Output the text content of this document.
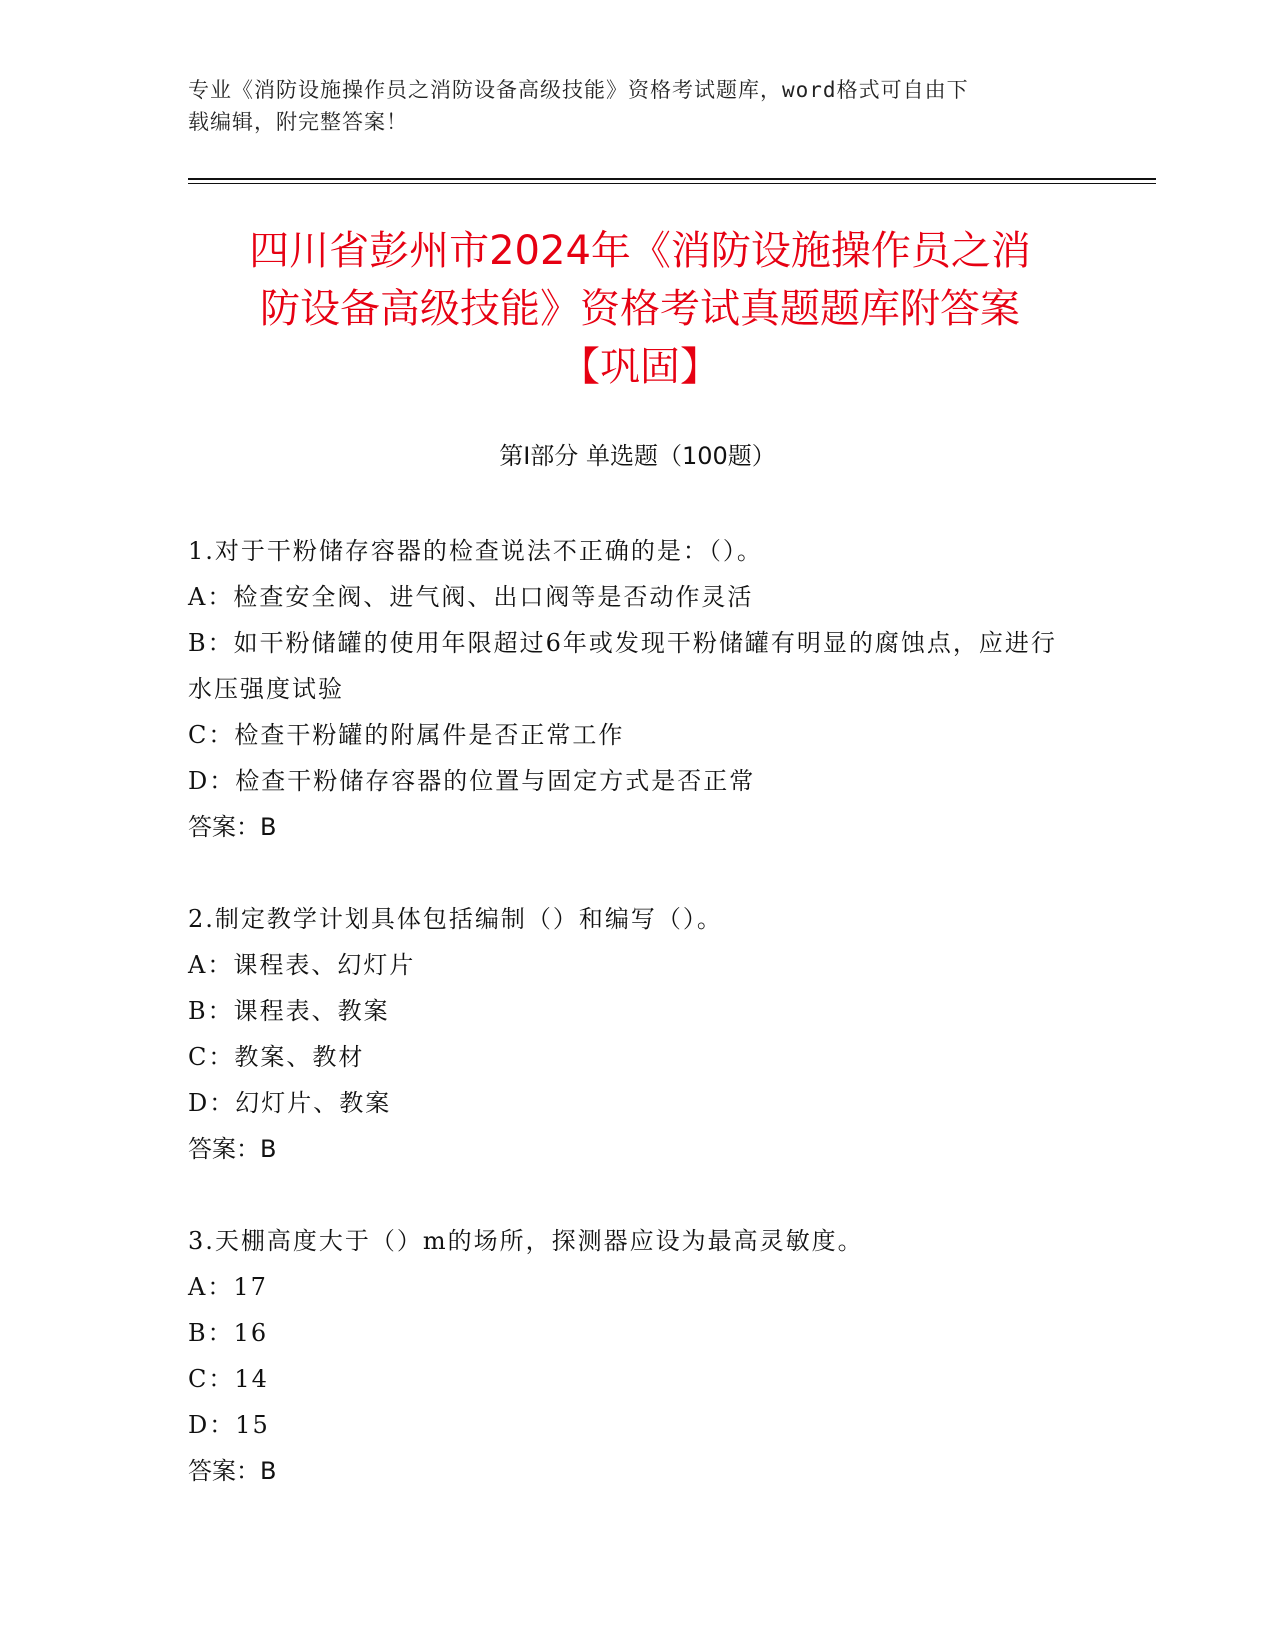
专业《消防设施操作员之消防设备高级技能》资格考试题库，word格式可自由下
载编辑，附完整答案！
四川省彭州市2024年《消防设施操作员之消
防设备高级技能》资格考试真题题库附答案
【巩固】
第Ⅰ部分 单选题（100题）
1.对于干粉储存容器的检查说法不正确的是：（）。
A：检查安全阀、进气阀、出口阀等是否动作灵活
B：如干粉储罐的使用年限超过6年或发现干粉储罐有明显的腐蚀点，应进行水压强度试验
C：检查干粉罐的附属件是否正常工作
D：检查干粉储存容器的位置与固定方式是否正常
答案：B
2.制定教学计划具体包括编制（）和编写（）。
A：课程表、幻灯片
B：课程表、教案
C：教案、教材
D：幻灯片、教案
答案：B
3.天棚高度大于（）m的场所，探测器应设为最高灵敏度。
A：17
B：16
C：14
D：15
答案：B
